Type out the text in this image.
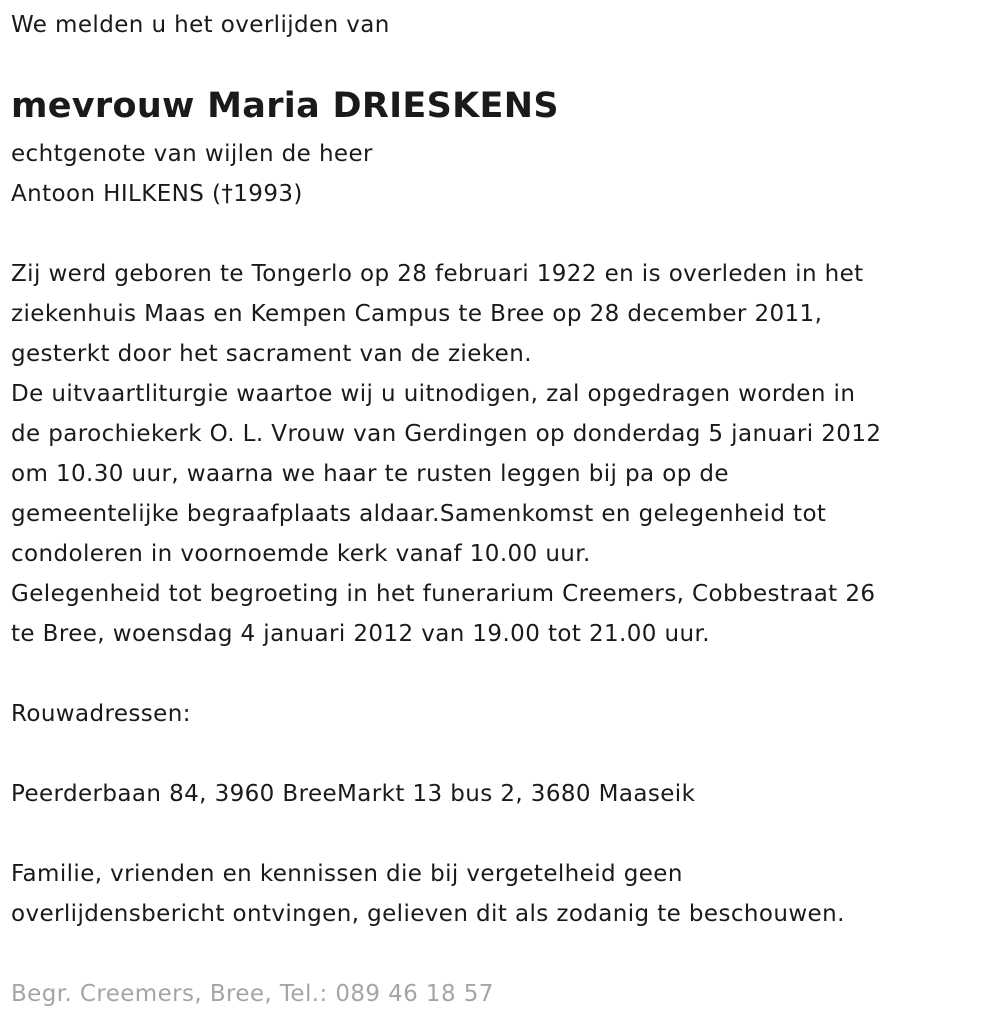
We melden u het overlijden van
mevrouw Maria DRIESKENS
echtgenote van wijlen de heer
Antoon HILKENS (†1993)
Zij werd geboren te Tongerlo op 28 februari 1922 en is overleden in het
ziekenhuis Maas en Kempen Campus te Bree op 28 december 2011,
gesterkt door het sacrament van de zieken.
De uitvaartliturgie waartoe wij u uitnodigen, zal opgedragen worden in
de parochiekerk O. L. Vrouw van Gerdingen op donderdag 5 januari 2012
om 10.30 uur, waarna we haar te rusten leggen bij pa op de
gemeentelijke begraafplaats aldaar.Samenkomst en gelegenheid tot
condoleren in voornoemde kerk vanaf 10.00 uur.
Gelegenheid tot begroeting in het funerarium Creemers, Cobbestraat 26
te Bree, woensdag 4 januari 2012 van 19.00 tot 21.00 uur.
Rouwadressen:
Peerderbaan 84, 3960 BreeMarkt 13 bus 2, 3680 Maaseik
Familie, vrienden en kennissen die bij vergetelheid geen
overlijdensbericht ontvingen, gelieven dit als zodanig te beschouwen.
Begr. Creemers, Bree, Tel.: 089 46 18 57
